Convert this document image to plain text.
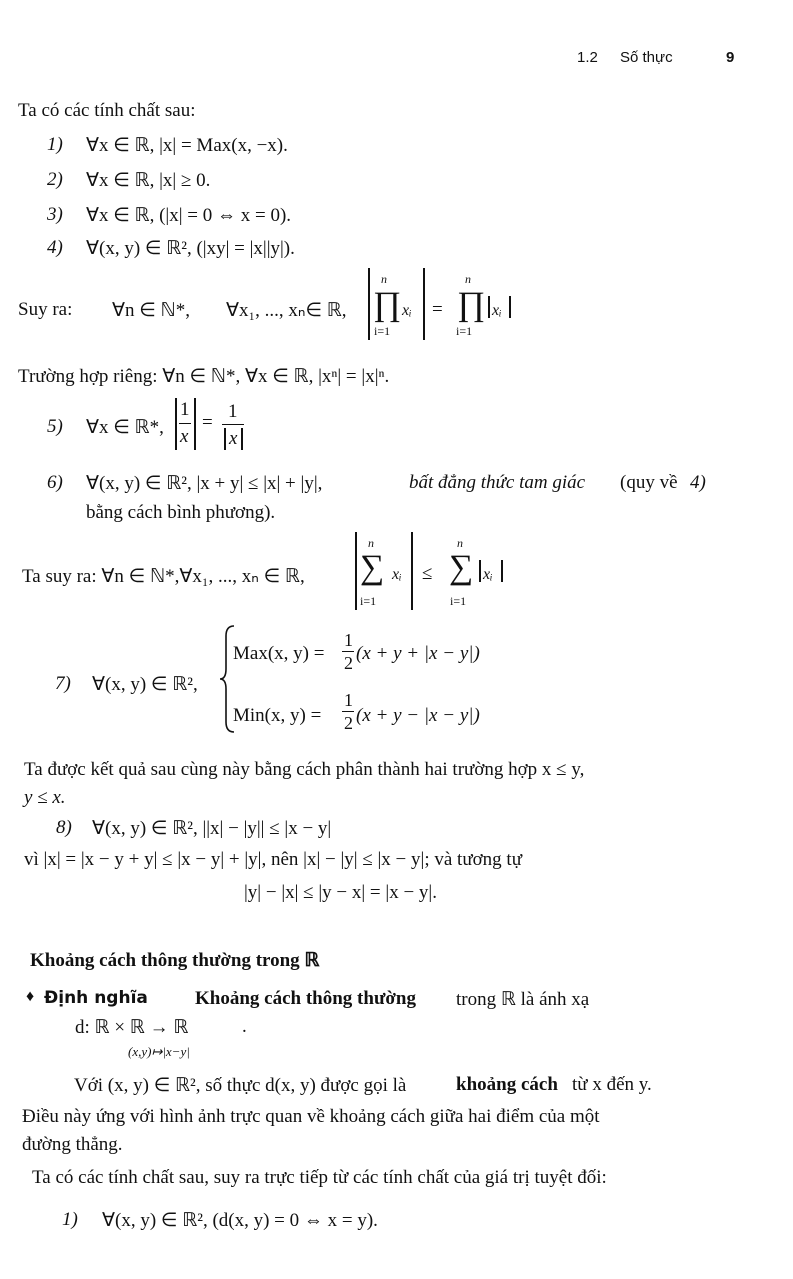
1.2 Số thực	9
Ta có các tính chất sau:
1) ∀x ∈ ℝ, |x| = Max(x, −x).
2) ∀x ∈ ℝ, |x| ≥ 0.
3) ∀x ∈ ℝ, (|x| = 0 ⇔ x = 0).
4) ∀(x, y) ∈ ℝ², (|xy| = |x||y|).
Suy ra: ∀n ∈ ℕ*, ∀x₁, ..., xₙ∈ ℝ,
n
∏ xᵢ
i=1
=
n
∏ xᵢ
i=1
Trường hợp riêng: ∀n ∈ ℕ*, ∀x ∈ ℝ, |xⁿ| = |x|ⁿ.
5) ∀x ∈ ℝ*,
1
x
=
1
x
6) ∀(x, y) ∈ ℝ², |x + y| ≤ |x| + |y|,	bất đẳng thức tam giác (quy về 4)
bằng cách bình phương).
Ta suy ra: ∀n ∈ ℕ*,∀x₁, ..., xₙ ∈ ℝ,
n
∑ xᵢ
i=1
≤
n
∑ xᵢ
i=1
7) ∀(x, y) ∈ ℝ²,
Max(x, y) =
1
2 (x + y + |x − y|)
Min(x, y) =
1
2 (x + y − |x − y|)
Ta được kết quả sau cùng này bằng cách phân thành hai trường hợp x ≤ y,
y ≤ x.
8) ∀(x, y) ∈ ℝ², ||x| − |y|| ≤ |x − y|
vì |x| = |x − y + y| ≤ |x − y| + |y|, nên |x| − |y| ≤ |x − y|; và tương tự
|y| − |x| ≤ |y − x| = |x − y|.
Khoảng cách thông thường trong ℝ
♦ Định nghĩa Khoảng cách thông thường trong ℝ là ánh xạ
d: ℝ × ℝ → ℝ	.
(x,y)↦|x−y|
Với (x, y) ∈ ℝ², số thực d(x, y) được gọi là	khoảng cách từ x đến y.
Điều này ứng với hình ảnh trực quan về khoảng cách giữa hai điểm của một
đường thẳng.
Ta có các tính chất sau, suy ra trực tiếp từ các tính chất của giá trị tuyệt đối:
1) ∀(x, y) ∈ ℝ², (d(x, y) = 0 ⇔ x = y).
